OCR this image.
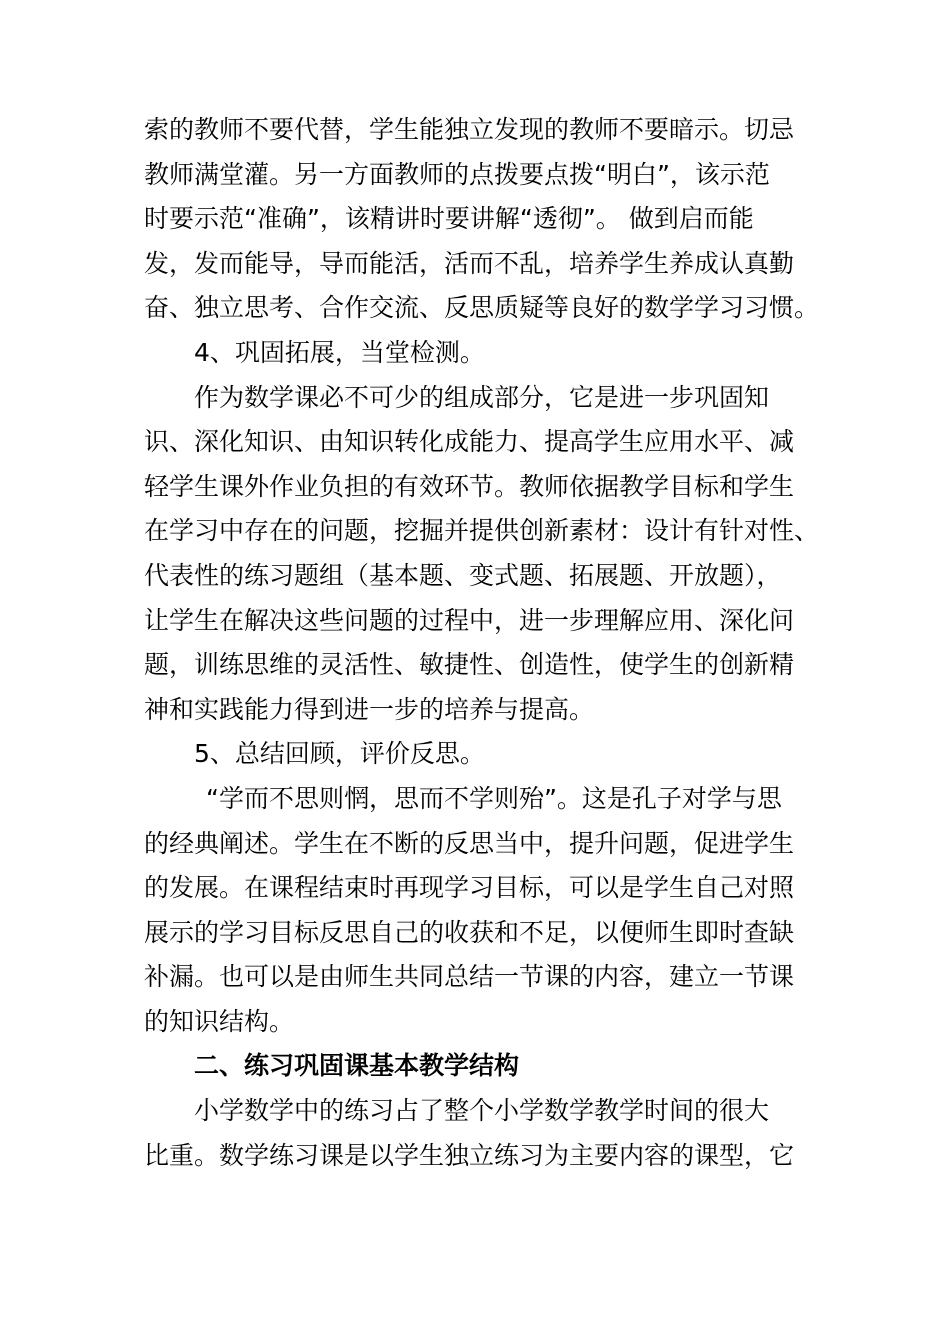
索的教师不要代替，学生能独立发现的教师不要暗示。切忌
教师满堂灌。另一方面教师的点拨要点拨“明白”，该示范
时要示范“准确”，该精讲时要讲解“透彻”。 做到启而能
发，发而能导，导而能活，活而不乱，培养学生养成认真勤
奋、独立思考、合作交流、反思质疑等良好的数学学习习惯。
4、巩固拓展，当堂检测。
作为数学课必不可少的组成部分，它是进一步巩固知
识、深化知识、由知识转化成能力、提高学生应用水平、减
轻学生课外作业负担的有效环节。教师依据教学目标和学生
在学习中存在的问题，挖掘并提供创新素材：设计有针对性、
代表性的练习题组（基本题、变式题、拓展题、开放题），
让学生在解决这些问题的过程中，进一步理解应用、深化问
题，训练思维的灵活性、敏捷性、创造性，使学生的创新精
神和实践能力得到进一步的培养与提高。
5、总结回顾，评价反思。
“学而不思则惘，思而不学则殆”。这是孔子对学与思
的经典阐述。学生在不断的反思当中，提升问题，促进学生
的发展。在课程结束时再现学习目标，可以是学生自己对照
展示的学习目标反思自己的收获和不足，以便师生即时查缺
补漏。也可以是由师生共同总结一节课的内容，建立一节课
的知识结构。
二、练习巩固课基本教学结构
小学数学中的练习占了整个小学数学教学时间的很大
比重。数学练习课是以学生独立练习为主要内容的课型，它
